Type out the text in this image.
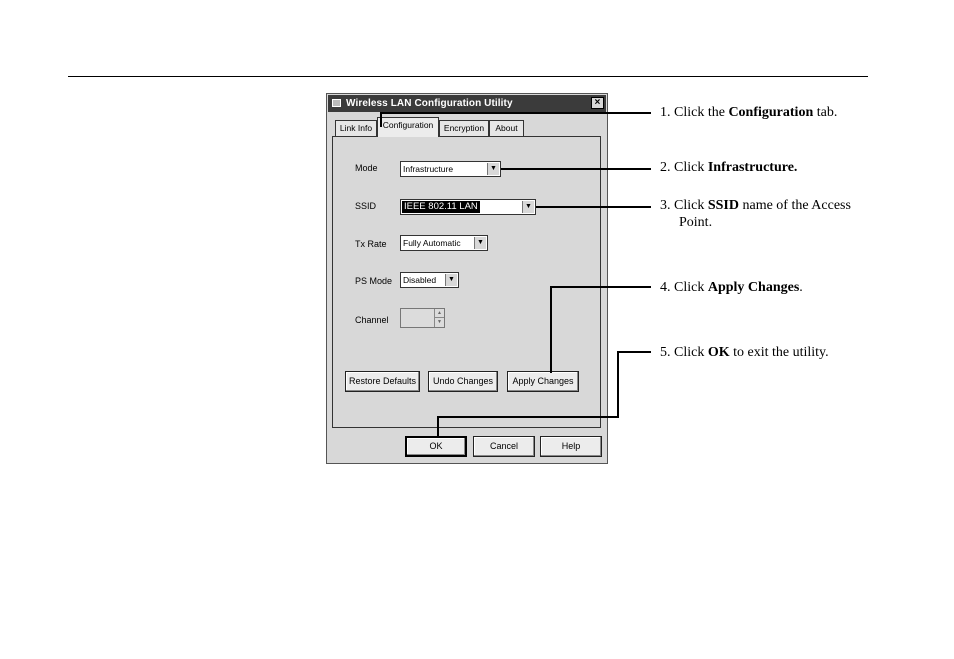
Wireless LAN Configuration Utility	×
Link Info	Configuration	Encryption	About
Mode	Infrastructure	▼
SSID	IEEE 802.11 LAN	▼
Tx Rate Fully Automatic	▼
PS Mode Disabled	▼
Channel
▲
▼
Restore Defaults	Undo Changes	Apply Changes
OK	Cancel	Help
1. Click the Configuration tab.
2. Click Infrastructure.
3. Click SSID name of the Access
Point.
4. Click Apply Changes.
5. Click OK to exit the utility.
